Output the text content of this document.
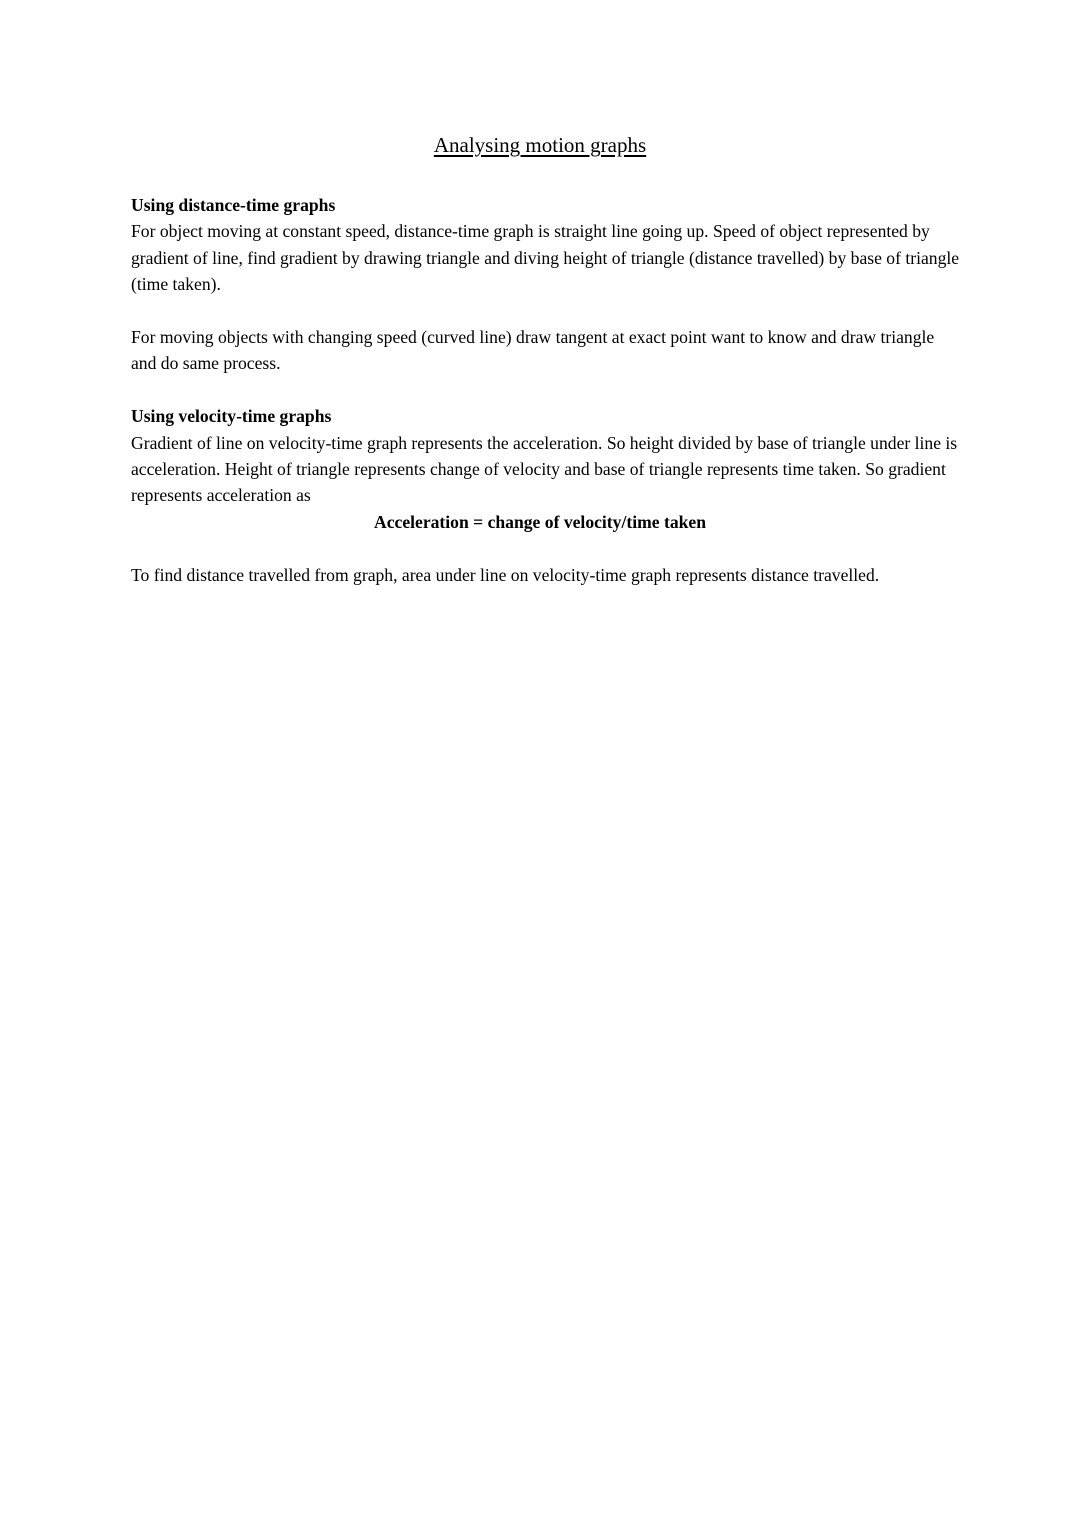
Analysing motion graphs

Using distance-time graphs

For object moving at constant speed, distance-time graph is straight line going up. Speed of object represented by gradient of line, find gradient by drawing triangle and diving height of triangle (distance travelled) by base of triangle (time taken).

For moving objects with changing speed (curved line) draw tangent at exact point want to know and draw triangle and do same process.

Using velocity-time graphs

Gradient of line on velocity-time graph represents the acceleration. So height divided by base of triangle under line is acceleration. Height of triangle represents change of velocity and base of triangle represents time taken. So gradient represents acceleration as

Acceleration = change of velocity/time taken

To find distance travelled from graph, area under line on velocity-time graph represents distance travelled.
